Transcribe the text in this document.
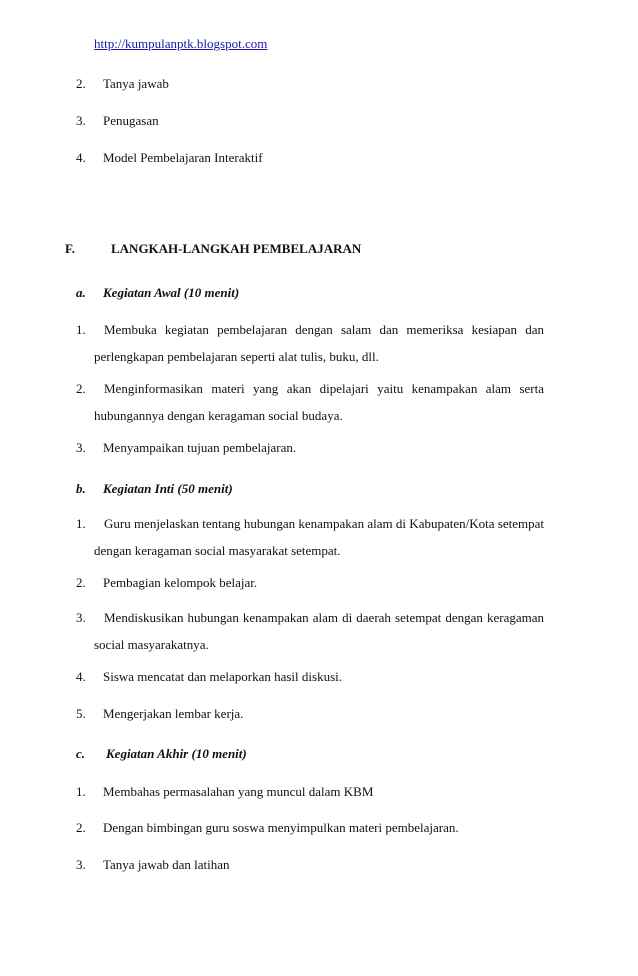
http://kumpulanptk.blogspot.com
2. Tanya jawab
3. Penugasan
4. Model Pembelajaran Interaktif
F.	LANGKAH-LANGKAH PEMBELAJARAN
a. Kegiatan Awal (10 menit)
1.	Membuka kegiatan pembelajaran dengan salam dan memeriksa kesiapan dan
perlengkapan pembelajaran seperti alat tulis, buku, dll.
2.	Menginformasikan materi yang akan dipelajari yaitu kenampakan alam serta
hubungannya dengan keragaman social budaya.
3. Menyampaikan tujuan pembelajaran.
b. Kegiatan Inti (50 menit)
1.	Guru menjelaskan tentang hubungan kenampakan alam di Kabupaten/Kota setempat
dengan keragaman social masyarakat setempat.
2. Pembagian kelompok belajar.
3.	Mendiskusikan hubungan kenampakan alam di daerah setempat dengan keragaman
social masyarakatnya.
4. Siswa mencatat dan melaporkan hasil diskusi.
5. Mengerjakan lembar kerja.
c. Kegiatan Akhir (10 menit)
1. Membahas permasalahan yang muncul dalam KBM
2. Dengan bimbingan guru soswa menyimpulkan materi pembelajaran.
3. Tanya jawab dan latihan
